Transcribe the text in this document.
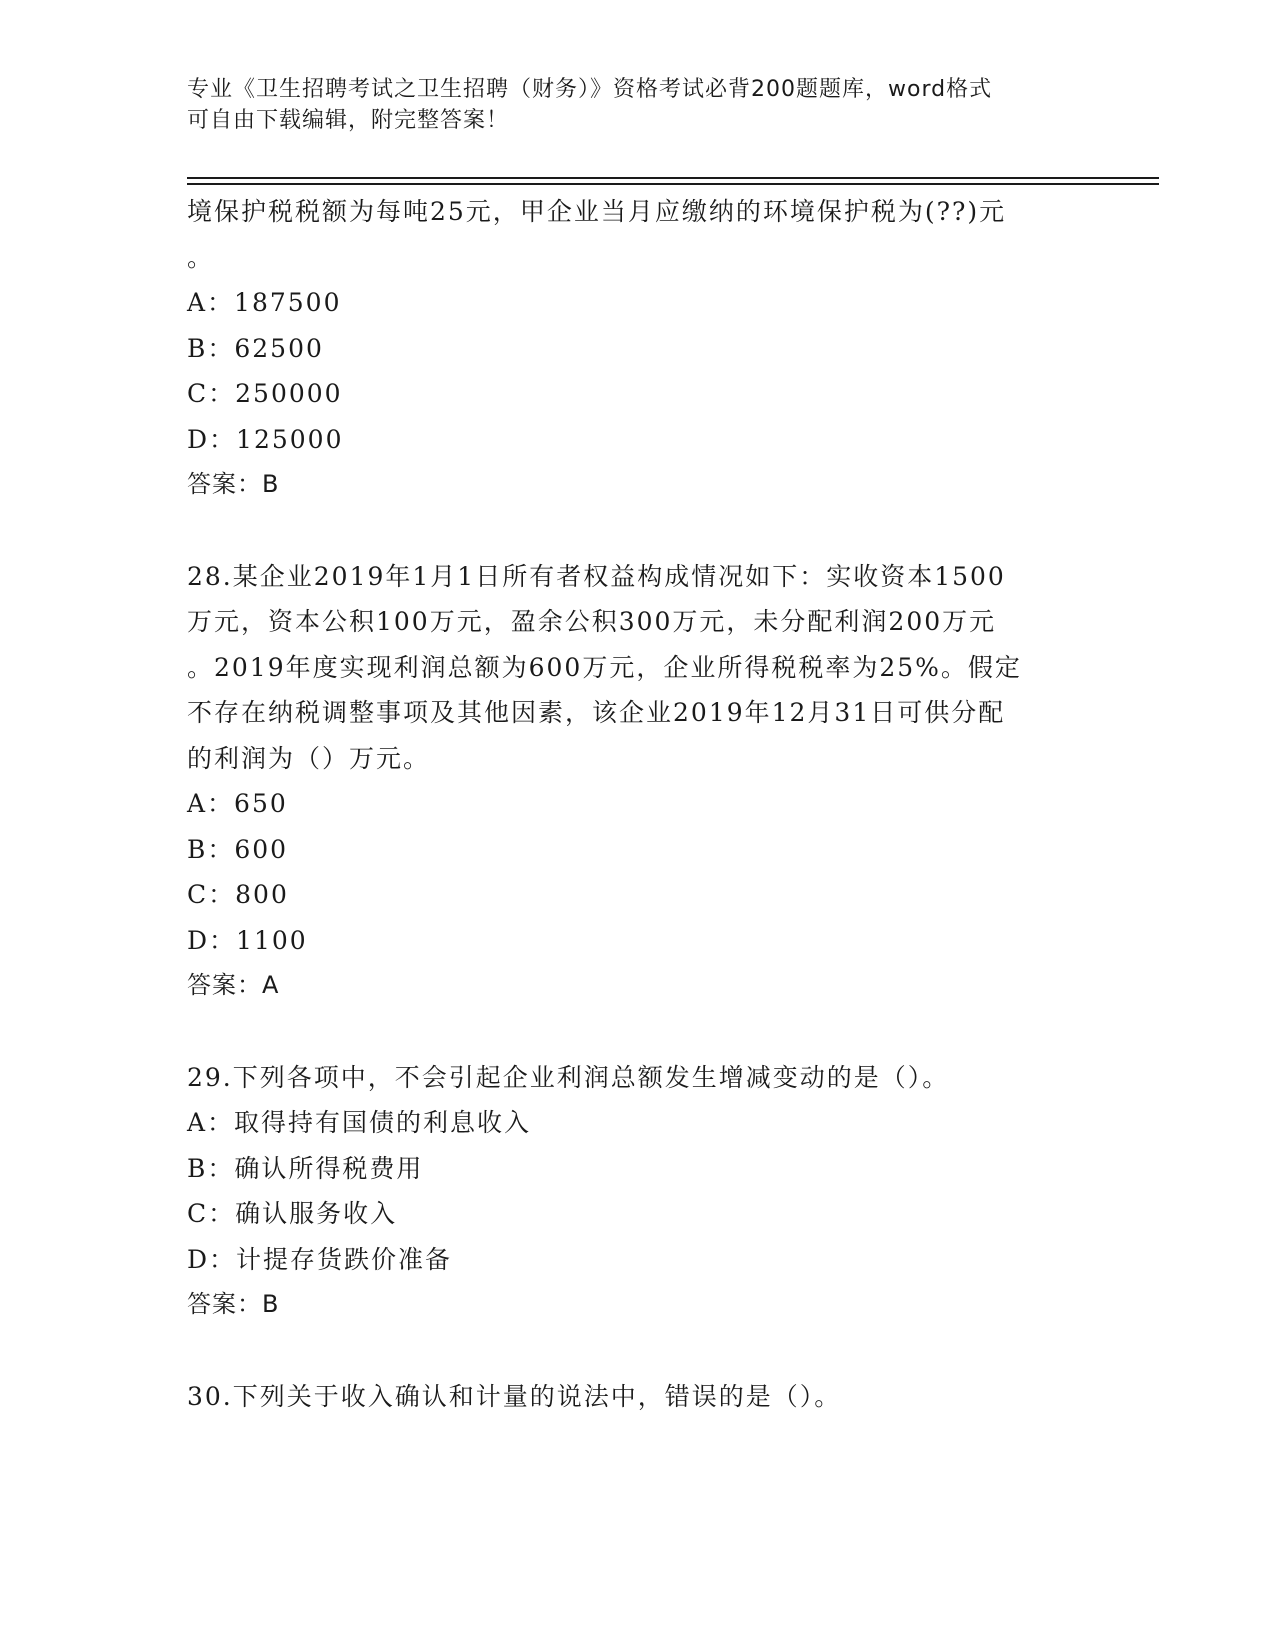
专业《卫生招聘考试之卫生招聘（财务）》资格考试必背200题题库，word格式
可自由下载编辑，附完整答案！
境保护税税额为每吨25元，甲企业当月应缴纳的环境保护税为(??)元
。
A：187500
B：62500
C：250000
D：125000
答案：B
28.某企业2019年1月1日所有者权益构成情况如下：实收资本1500
万元，资本公积100万元，盈余公积300万元，未分配利润200万元
。2019年度实现利润总额为600万元，企业所得税税率为25%。假定
不存在纳税调整事项及其他因素，该企业2019年12月31日可供分配
的利润为（）万元。
A：650
B：600
C：800
D：1100
答案：A
29.下列各项中，不会引起企业利润总额发生增减变动的是（）。
A：取得持有国债的利息收入
B：确认所得税费用
C：确认服务收入
D：计提存货跌价准备
答案：B
30.下列关于收入确认和计量的说法中，错误的是（）。
